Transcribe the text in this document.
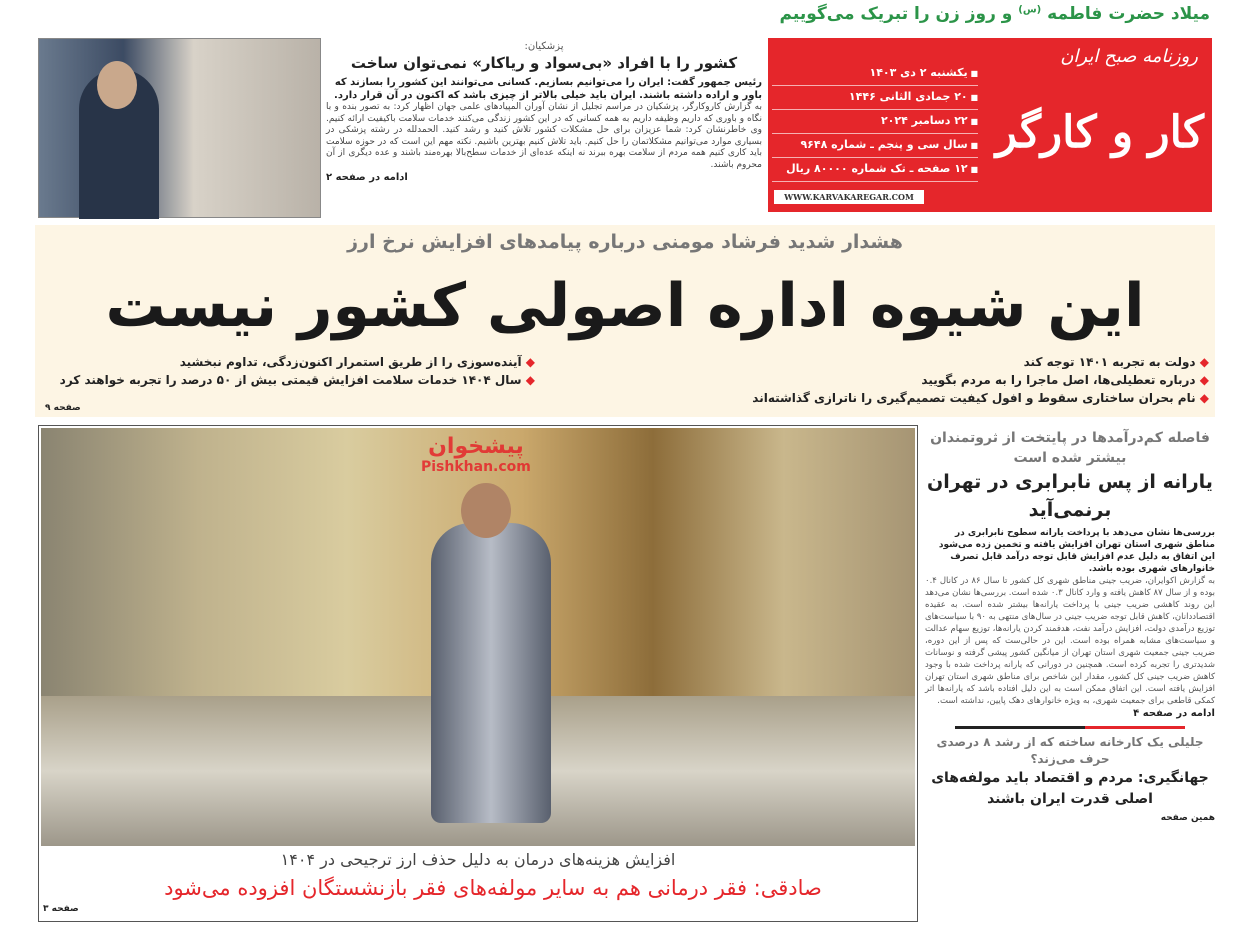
میلاد حضرت فاطمه $^{(س)}$ و روز زن را تبریک می‌گوییم
روزنامه صبح ایران
کار و کارگر
■ یکشنبه ۲ دی ۱۴۰۳
■ ۲۰ جمادی الثانی ۱۴۴۶
■ ۲۲ دسامبر ۲۰۲۴
■ سال سی و پنجم ـ شماره ۹۶۴۸
■ ۱۲ صفحه ـ تک شماره ۸۰۰۰۰ ریال
WWW.KARVAKAREGAR.COM
پزشکیان:
کشور را با افراد «بی‌سواد و ریاکار» نمی‌توان ساخت
رئیس جمهور گفت: ایران را می‌توانیم بسازیم. کسانی می‌توانند این کشور را بسازند که باور و اراده داشته باشند. ایران باید خیلی بالاتر از چیزی باشد که اکنون در آن قرار دارد.
به گزارش کاروکارگر، پزشکیان در مراسم تجلیل از نشان آوران المپیادهای علمی جهان اظهار کرد: به تصور بنده و با نگاه و باوری که داریم وظیفه داریم به همه کسانی که در این کشور زندگی می‌کنند خدمات سلامت باکیفیت ارائه کنیم. وی خاطرنشان کرد: شما عزیزان برای حل مشکلات کشور تلاش کنید و رشد کنید. الحمدلله در رشته پزشکی در بسیاری موارد می‌توانیم مشکلاتمان را حل کنیم. باید تلاش کنیم بهترین باشیم. نکته مهم این است که در حوزه سلامت باید کاری کنیم همه مردم از سلامت بهره ببرند نه اینکه عده‌ای از خدمات سطح‌بالا بهره‌مند باشند و عده دیگری از آن محروم باشند.
ادامه در صفحه ۲
هشدار شدید فرشاد مومنی درباره پیامدهای افزایش نرخ ارز
این شیوه اداره اصولی کشور نیست
◆ دولت به تجربه ۱۴۰۱ توجه کند
◆ درباره تعطیلی‌ها، اصل ماجرا را به مردم بگویید
◆ نام بحران ساختاری سقوط و افول کیفیت تصمیم‌گیری را ناترازی گذاشته‌اند
◆ آینده‌سوزی را از طریق استمرار اکنون‌زدگی، تداوم نبخشید
◆ سال ۱۴۰۴ خدمات سلامت افزایش قیمتی بیش از ۵۰ درصد را تجربه خواهند کرد
صفحه ۹
پیشخوان
Pishkhan.com
افزایش هزینه‌های درمان به دلیل حذف ارز ترجیحی در ۱۴۰۴
صادقی: فقر درمانی هم به سایر مولفه‌های فقر بازنشستگان افزوده می‌شود
صفحه ۳
فاصله کم‌درآمدها در پایتخت از ثروتمندان بیشتر شده است
یارانه از پس نابرابری در تهران برنمی‌آید
بررسی‌ها نشان می‌دهد با پرداخت یارانه سطوح نابرابری در مناطق شهری استان تهران افزایش یافته و تخمین زده می‌شود این اتفاق به دلیل عدم افزایش قابل توجه درآمد قابل تصرف خانوارهای شهری بوده باشد.
به گزارش اکوایران، ضریب جینی مناطق شهری کل کشور تا سال ۸۶ در کانال ۰.۴ بوده و از سال ۸۷ کاهش یافته و وارد کانال ۰.۳ شده است. بررسی‌ها نشان می‌دهد این روند کاهشی ضریب جینی با پرداخت یارانه‌ها بیشتر شده است. به عقیده اقتصاددانان، کاهش قابل توجه ضریب جینی در سال‌های منتهی به ۹۰ با سیاست‌های توزیع درآمدی دولت، افزایش درآمد نفت، هدفمند کردن یارانه‌ها، توزیع سهام عدالت و سیاست‌های مشابه همراه بوده است. این در حالی‌ست که پس از این دوره، ضریب جینی جمعیت شهری استان تهران از میانگین کشور پیشی گرفته و نوسانات شدیدتری را تجربه کرده است. همچنین در دورانی که یارانه پرداخت شده با وجود کاهش ضریب جینی کل کشور، مقدار این شاخص برای مناطق شهری استان تهران افزایش یافته است. این اتفاق ممکن است به این دلیل افتاده باشد که یارانه‌ها اثر کمکی قاطعی برای جمعیت شهری، به ویژه خانوارهای دهک پایین، نداشته است.
ادامه در صفحه ۴
جلیلی یک کارخانه ساخته که از رشد ۸ درصدی حرف می‌زند؟
جهانگیری: مردم و اقتصاد باید مولفه‌های اصلی قدرت ایران باشند
همین صفحه
